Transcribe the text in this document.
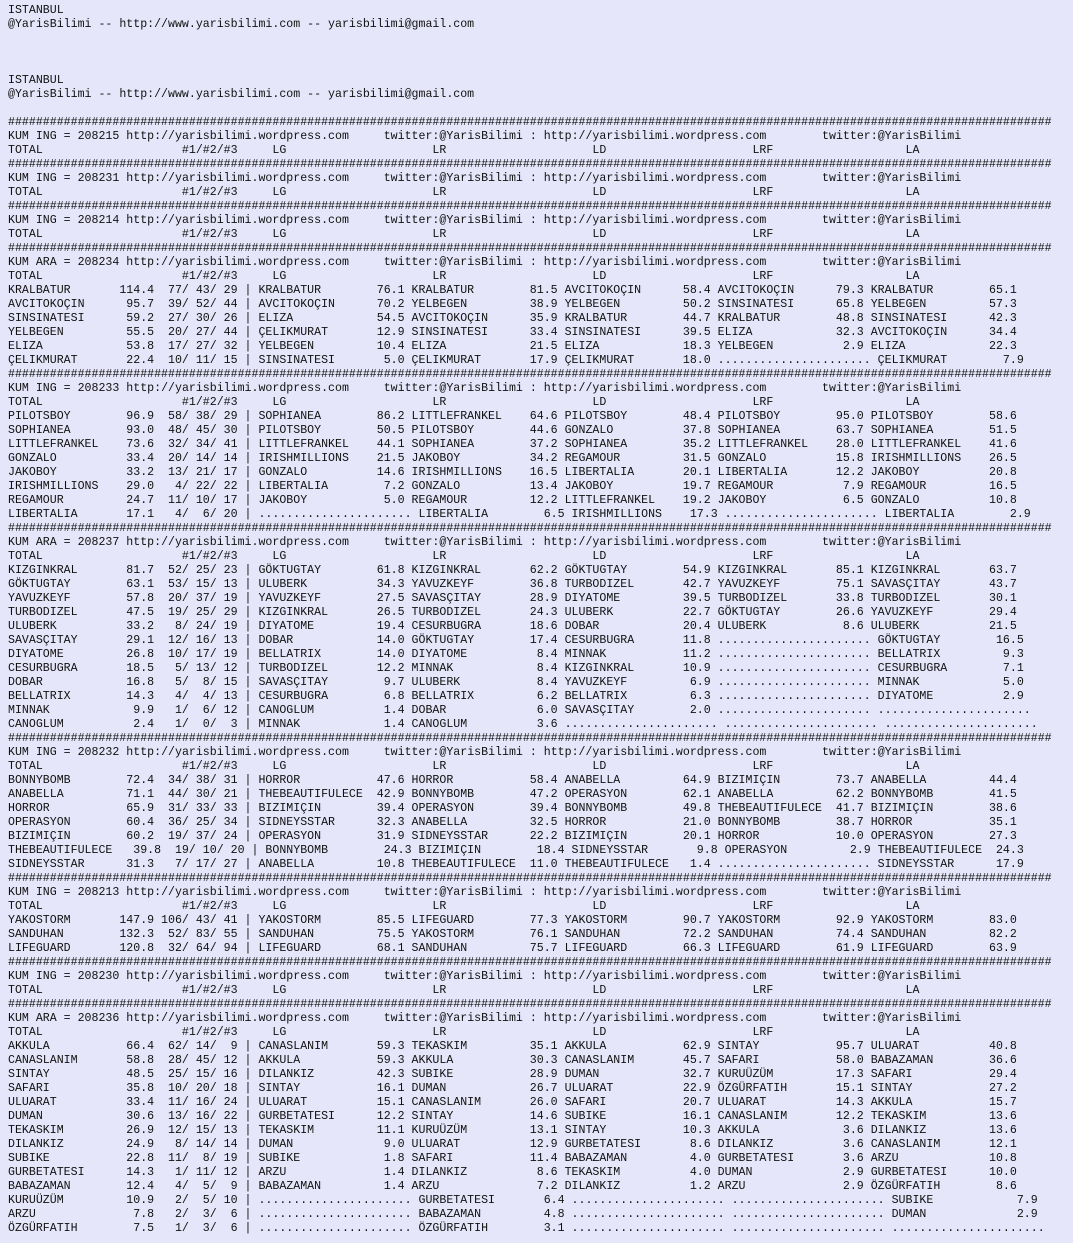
ISTANBUL
@YarisBilimi -- http://www.yarisbilimi.com -- yarisbilimi@gmail.com

ISTANBUL
@YarisBilimi -- http://www.yarisbilimi.com -- yarisbilimi@gmail.com

######################################################################################################################################################
KUM ING = 208215 http://yarisbilimi.wordpress.com     twitter:@YarisBilimi : http://yarisbilimi.wordpress.com        twitter:@YarisBilimi
TOTAL                    #1/#2/#3     LG                     LR                     LD                     LRF                   LA
######################################################################################################################################################
KUM ING = 208231 http://yarisbilimi.wordpress.com     twitter:@YarisBilimi : http://yarisbilimi.wordpress.com        twitter:@YarisBilimi
TOTAL                    #1/#2/#3     LG                     LR                     LD                     LRF                   LA
######################################################################################################################################################
KUM ING = 208214 http://yarisbilimi.wordpress.com     twitter:@YarisBilimi : http://yarisbilimi.wordpress.com        twitter:@YarisBilimi
TOTAL                    #1/#2/#3     LG                     LR                     LD                     LRF                   LA
######################################################################################################################################################
KUM ARA = 208234 http://yarisbilimi.wordpress.com     twitter:@YarisBilimi : http://yarisbilimi.wordpress.com        twitter:@YarisBilimi
TOTAL                    #1/#2/#3     LG                     LR                     LD                     LRF                   LA
KRALBATUR       114.4  77/ 43/ 29 | KRALBATUR        76.1 KRALBATUR        81.5 AVCITOKOÇIN      58.4 AVCITOKOÇIN      79.3 KRALBATUR        65.1
AVCITOKOÇIN      95.7  39/ 52/ 44 | AVCITOKOÇIN      70.2 YELBEGEN         38.9 YELBEGEN         50.2 SINSINATESI      65.8 YELBEGEN         57.3
SINSINATESI      59.2  27/ 30/ 26 | ELIZA            54.5 AVCITOKOÇIN      35.9 KRALBATUR        44.7 KRALBATUR        48.8 SINSINATESI      42.3
YELBEGEN         55.5  20/ 27/ 44 | ÇELIKMURAT       12.9 SINSINATESI      33.4 SINSINATESI      39.5 ELIZA            32.3 AVCITOKOÇIN      34.4
ELIZA            53.8  17/ 27/ 32 | YELBEGEN         10.4 ELIZA            21.5 ELIZA            18.3 YELBEGEN          2.9 ELIZA            22.3
ÇELIKMURAT       22.4  10/ 11/ 15 | SINSINATESI       5.0 ÇELIKMURAT       17.9 ÇELIKMURAT       18.0 ...................... ÇELIKMURAT        7.9
######################################################################################################################################################
KUM ING = 208233 http://yarisbilimi.wordpress.com     twitter:@YarisBilimi : http://yarisbilimi.wordpress.com        twitter:@YarisBilimi
TOTAL                    #1/#2/#3     LG                     LR                     LD                     LRF                   LA
PILOTSBOY        96.9  58/ 38/ 29 | SOPHIANEA        86.2 LITTLEFRANKEL    64.6 PILOTSBOY        48.4 PILOTSBOY        95.0 PILOTSBOY        58.6
SOPHIANEA        93.0  48/ 45/ 30 | PILOTSBOY        50.5 PILOTSBOY        44.6 GONZALO          37.8 SOPHIANEA        63.7 SOPHIANEA        51.5
LITTLEFRANKEL    73.6  32/ 34/ 41 | LITTLEFRANKEL    44.1 SOPHIANEA        37.2 SOPHIANEA        35.2 LITTLEFRANKEL    28.0 LITTLEFRANKEL    41.6
GONZALO          33.4  20/ 14/ 14 | IRISHMILLIONS    21.5 JAKOBOY          34.2 REGAMOUR         31.5 GONZALO          15.8 IRISHMILLIONS    26.5
JAKOBOY          33.2  13/ 21/ 17 | GONZALO          14.6 IRISHMILLIONS    16.5 LIBERTALIA       20.1 LIBERTALIA       12.2 JAKOBOY          20.8
IRISHMILLIONS    29.0   4/ 22/ 22 | LIBERTALIA        7.2 GONZALO          13.4 JAKOBOY          19.7 REGAMOUR          7.9 REGAMOUR         16.5
REGAMOUR         24.7  11/ 10/ 17 | JAKOBOY           5.0 REGAMOUR         12.2 LITTLEFRANKEL    19.2 JAKOBOY           6.5 GONZALO          10.8
LIBERTALIA       17.1   4/  6/ 20 | ...................... LIBERTALIA        6.5 IRISHMILLIONS    17.3 ...................... LIBERTALIA        2.9
######################################################################################################################################################
KUM ARA = 208237 http://yarisbilimi.wordpress.com     twitter:@YarisBilimi : http://yarisbilimi.wordpress.com        twitter:@YarisBilimi
TOTAL                    #1/#2/#3     LG                     LR                     LD                     LRF                   LA
KIZGINKRAL       81.7  52/ 25/ 23 | GÖKTUGTAY        61.8 KIZGINKRAL       62.2 GÖKTUGTAY        54.9 KIZGINKRAL       85.1 KIZGINKRAL       63.7
GÖKTUGTAY        63.1  53/ 15/ 13 | ULUBERK          34.3 YAVUZKEYF        36.8 TURBODIZEL       42.7 YAVUZKEYF        75.1 SAVASÇITAY       43.7
YAVUZKEYF        57.8  20/ 37/ 19 | YAVUZKEYF        27.5 SAVASÇITAY       28.9 DIYATOME         39.5 TURBODIZEL       33.8 TURBODIZEL       30.1
TURBODIZEL       47.5  19/ 25/ 29 | KIZGINKRAL       26.5 TURBODIZEL       24.3 ULUBERK          22.7 GÖKTUGTAY        26.6 YAVUZKEYF        29.4
ULUBERK          33.2   8/ 24/ 19 | DIYATOME         19.4 CESURBUGRA       18.6 DOBAR            20.4 ULUBERK           8.6 ULUBERK          21.5
SAVASÇITAY       29.1  12/ 16/ 13 | DOBAR            14.0 GÖKTUGTAY        17.4 CESURBUGRA       11.8 ...................... GÖKTUGTAY        16.5
DIYATOME         26.8  10/ 17/ 19 | BELLATRIX        14.0 DIYATOME          8.4 MINNAK           11.2 ...................... BELLATRIX         9.3
CESURBUGRA       18.5   5/ 13/ 12 | TURBODIZEL       12.2 MINNAK            8.4 KIZGINKRAL       10.9 ...................... CESURBUGRA        7.1
DOBAR            16.8   5/  8/ 15 | SAVASÇITAY        9.7 ULUBERK           8.4 YAVUZKEYF         6.9 ...................... MINNAK            5.0
BELLATRIX        14.3   4/  4/ 13 | CESURBUGRA        6.8 BELLATRIX         6.2 BELLATRIX         6.3 ...................... DIYATOME          2.9
MINNAK            9.9   1/  6/ 12 | CANOGLUM          1.4 DOBAR             6.0 SAVASÇITAY        2.0 ...................... ......................
CANOGLUM          2.4   1/  0/  3 | MINNAK            1.4 CANOGLUM          3.6 ...................... ...................... ......................
######################################################################################################################################################
KUM ING = 208232 http://yarisbilimi.wordpress.com     twitter:@YarisBilimi : http://yarisbilimi.wordpress.com        twitter:@YarisBilimi
TOTAL                    #1/#2/#3     LG                     LR                     LD                     LRF                   LA
BONNYBOMB        72.4  34/ 38/ 31 | HORROR           47.6 HORROR           58.4 ANABELLA         64.9 BIZIMIÇIN        73.7 ANABELLA         44.4
ANABELLA         71.1  44/ 30/ 21 | THEBEAUTIFULECE  42.9 BONNYBOMB        47.2 OPERASYON        62.1 ANABELLA         62.2 BONNYBOMB        41.5
HORROR           65.9  31/ 33/ 33 | BIZIMIÇIN        39.4 OPERASYON        39.4 BONNYBOMB        49.8 THEBEAUTIFULECE  41.7 BIZIMIÇIN        38.6
OPERASYON        60.4  36/ 25/ 34 | SIDNEYSSTAR      32.3 ANABELLA         32.5 HORROR           21.0 BONNYBOMB        38.7 HORROR           35.1
BIZIMIÇIN        60.2  19/ 37/ 24 | OPERASYON        31.9 SIDNEYSSTAR      22.2 BIZIMIÇIN        20.1 HORROR           10.0 OPERASYON        27.3
THEBEAUTIFULECE   39.8  19/ 10/ 20 | BONNYBOMB        24.3 BIZIMIÇIN        18.4 SIDNEYSSTAR       9.8 OPERASYON         2.9 THEBEAUTIFULECE  24.3
SIDNEYSSTAR      31.3   7/ 17/ 27 | ANABELLA         10.8 THEBEAUTIFULECE  11.0 THEBEAUTIFULECE   1.4 ...................... SIDNEYSSTAR      17.9
######################################################################################################################################################
KUM ING = 208213 http://yarisbilimi.wordpress.com     twitter:@YarisBilimi : http://yarisbilimi.wordpress.com        twitter:@YarisBilimi
TOTAL                    #1/#2/#3     LG                     LR                     LD                     LRF                   LA
YAKOSTORM       147.9 106/ 43/ 41 | YAKOSTORM        85.5 LIFEGUARD        77.3 YAKOSTORM        90.7 YAKOSTORM        92.9 YAKOSTORM        83.0
SANDUHAN        132.3  52/ 83/ 55 | SANDUHAN         75.5 YAKOSTORM        76.1 SANDUHAN         72.2 SANDUHAN         74.4 SANDUHAN         82.2
LIFEGUARD       120.8  32/ 64/ 94 | LIFEGUARD        68.1 SANDUHAN         75.7 LIFEGUARD        66.3 LIFEGUARD        61.9 LIFEGUARD        63.9
######################################################################################################################################################
KUM ING = 208230 http://yarisbilimi.wordpress.com     twitter:@YarisBilimi : http://yarisbilimi.wordpress.com        twitter:@YarisBilimi
TOTAL                    #1/#2/#3     LG                     LR                     LD                     LRF                   LA
######################################################################################################################################################
KUM ARA = 208236 http://yarisbilimi.wordpress.com     twitter:@YarisBilimi : http://yarisbilimi.wordpress.com        twitter:@YarisBilimi
TOTAL                    #1/#2/#3     LG                     LR                     LD                     LRF                   LA
AKKULA           66.4  62/ 14/  9 | CANASLANIM       59.3 TEKASKIM         35.1 AKKULA           62.9 SINTAY           95.7 ULUARAT          40.8
CANASLANIM       58.8  28/ 45/ 12 | AKKULA           59.3 AKKULA           30.3 CANASLANIM       45.7 SAFARI           58.0 BABAZAMAN        36.6
SINTAY           48.5  25/ 15/ 16 | DILANKIZ         42.3 SUBIKE           28.9 DUMAN            32.7 KURUÜZÜM         17.3 SAFARI           29.4
SAFARI           35.8  10/ 20/ 18 | SINTAY           16.1 DUMAN            26.7 ULUARAT          22.9 ÖZGÜRFATIH       15.1 SINTAY           27.2
ULUARAT          33.4  11/ 16/ 24 | ULUARAT          15.1 CANASLANIM       26.0 SAFARI           20.7 ULUARAT          14.3 AKKULA           15.7
DUMAN            30.6  13/ 16/ 22 | GURBETATESI      12.2 SINTAY           14.6 SUBIKE           16.1 CANASLANIM       12.2 TEKASKIM         13.6
TEKASKIM         26.9  12/ 15/ 13 | TEKASKIM         11.1 KURUÜZÜM         13.1 SINTAY           10.3 AKKULA            3.6 DILANKIZ         13.6
DILANKIZ         24.9   8/ 14/ 14 | DUMAN             9.0 ULUARAT          12.9 GURBETATESI       8.6 DILANKIZ          3.6 CANASLANIM       12.1
SUBIKE           22.8  11/  8/ 19 | SUBIKE            1.8 SAFARI           11.4 BABAZAMAN         4.0 GURBETATESI       3.6 ARZU             10.8
GURBETATESI      14.3   1/ 11/ 12 | ARZU              1.4 DILANKIZ          8.6 TEKASKIM          4.0 DUMAN             2.9 GURBETATESI      10.0
BABAZAMAN        12.4   4/  5/  9 | BABAZAMAN         1.4 ARZU              7.2 DILANKIZ          1.2 ARZU              2.9 ÖZGÜRFATIH        8.6
KURUÜZÜM         10.9   2/  5/ 10 | ...................... GURBETATESI       6.4 ...................... ...................... SUBIKE            7.9
ARZU              7.8   2/  3/  6 | ...................... BABAZAMAN         4.8 ...................... ...................... DUMAN             2.9
ÖZGÜRFATIH        7.5   1/  3/  6 | ...................... ÖZGÜRFATIH        3.1 ...................... ...................... ......................
